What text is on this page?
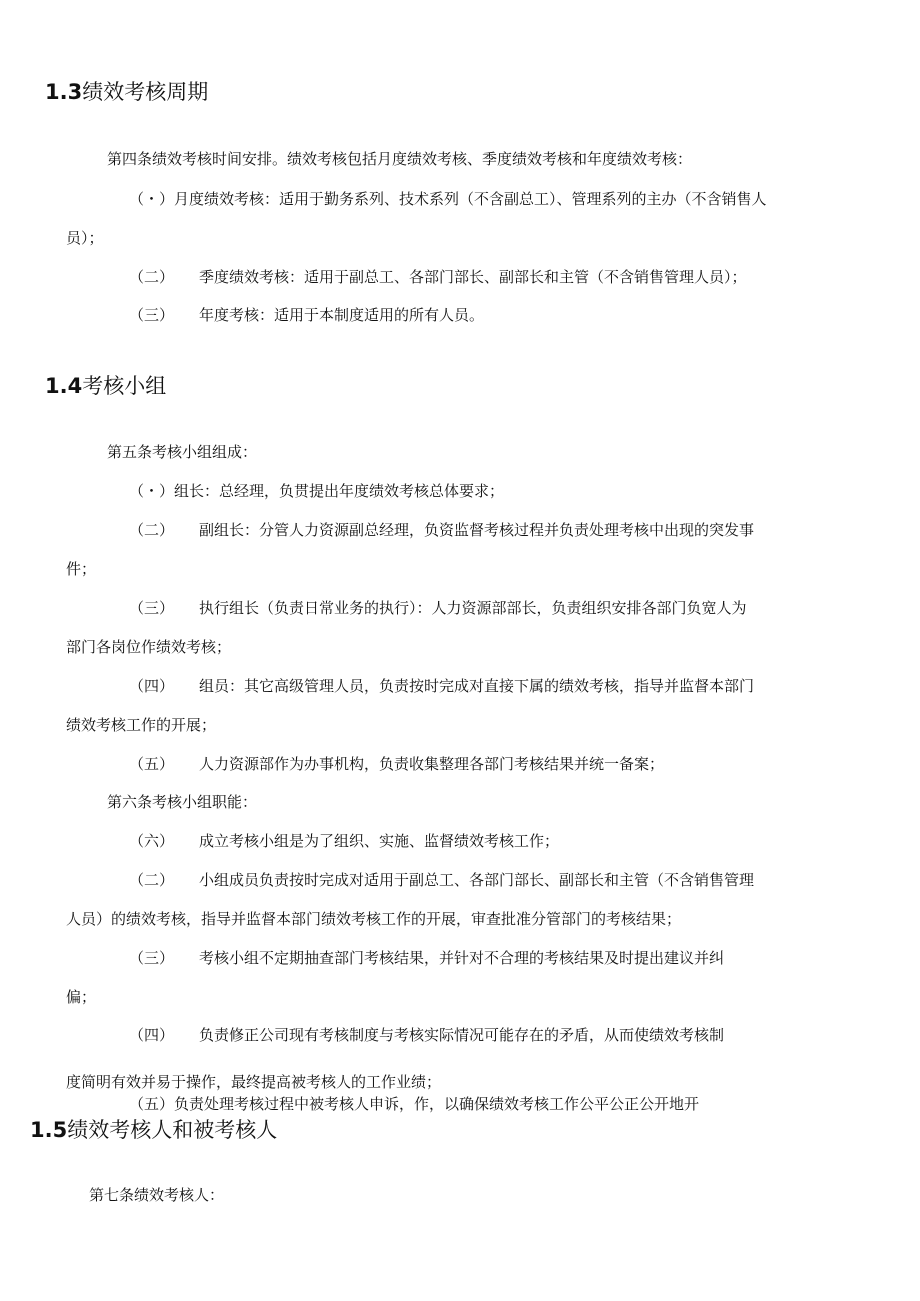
1.3绩效考核周期
第四条绩效考核时间安排。绩效考核包括月度绩效考核、季度绩效考核和年度绩效考核：
（・）月度绩效考核：适用于勤务系列、技术系列（不含副总工）、管理系列的主办（不含销售人
员）；
（二） 季度绩效考核：适用于副总工、各部门部长、副部长和主管（不含销售管理人员）；
（三） 年度考核：适用于本制度适用的所有人员。
1.4考核小组
第五条考核小组组成：
（・）组长：总经理，负贯提出年度绩效考核总体要求；
（二） 副组长：分管人力资源副总经理，负资监督考核过程并负责处理考核中出现的突发事
件；
（三） 执行组长（负责日常业务的执行）：人力资源部部长，负责组织安排各部门负宽人为
部门各岗位作绩效考核；
（四） 组员：其它高级管理人员，负责按时完成对直接下属的绩效考核，指导并监督本部门
绩效考核工作的开展；
（五） 人力资源部作为办事机构，负责收集整理各部门考核结果并统一备案；
第六条考核小组职能：
（六） 成立考核小组是为了组织、实施、监督绩效考核工作；
（二） 小组成员负责按时完成对适用于副总工、各部门部长、副部长和主管（不含销售管理
人员）的绩效考核，指导并监督本部门绩效考核工作的开展，审查批准分管部门的考核结果；
（三） 考核小组不定期抽查部门考核结果，并针对不合理的考核结果及时提出建议并纠
偏；
（四） 负责修正公司现有考核制度与考核实际情况可能存在的矛盾，从而使绩效考核制
度简明有效并易于操作，最终提高被考核人的工作业绩；
（五）负责处理考核过程中被考核人申诉，作，以确保绩效考核工作公平公正公开地开
1.5绩效考核人和被考核人
第七条绩效考核人：
